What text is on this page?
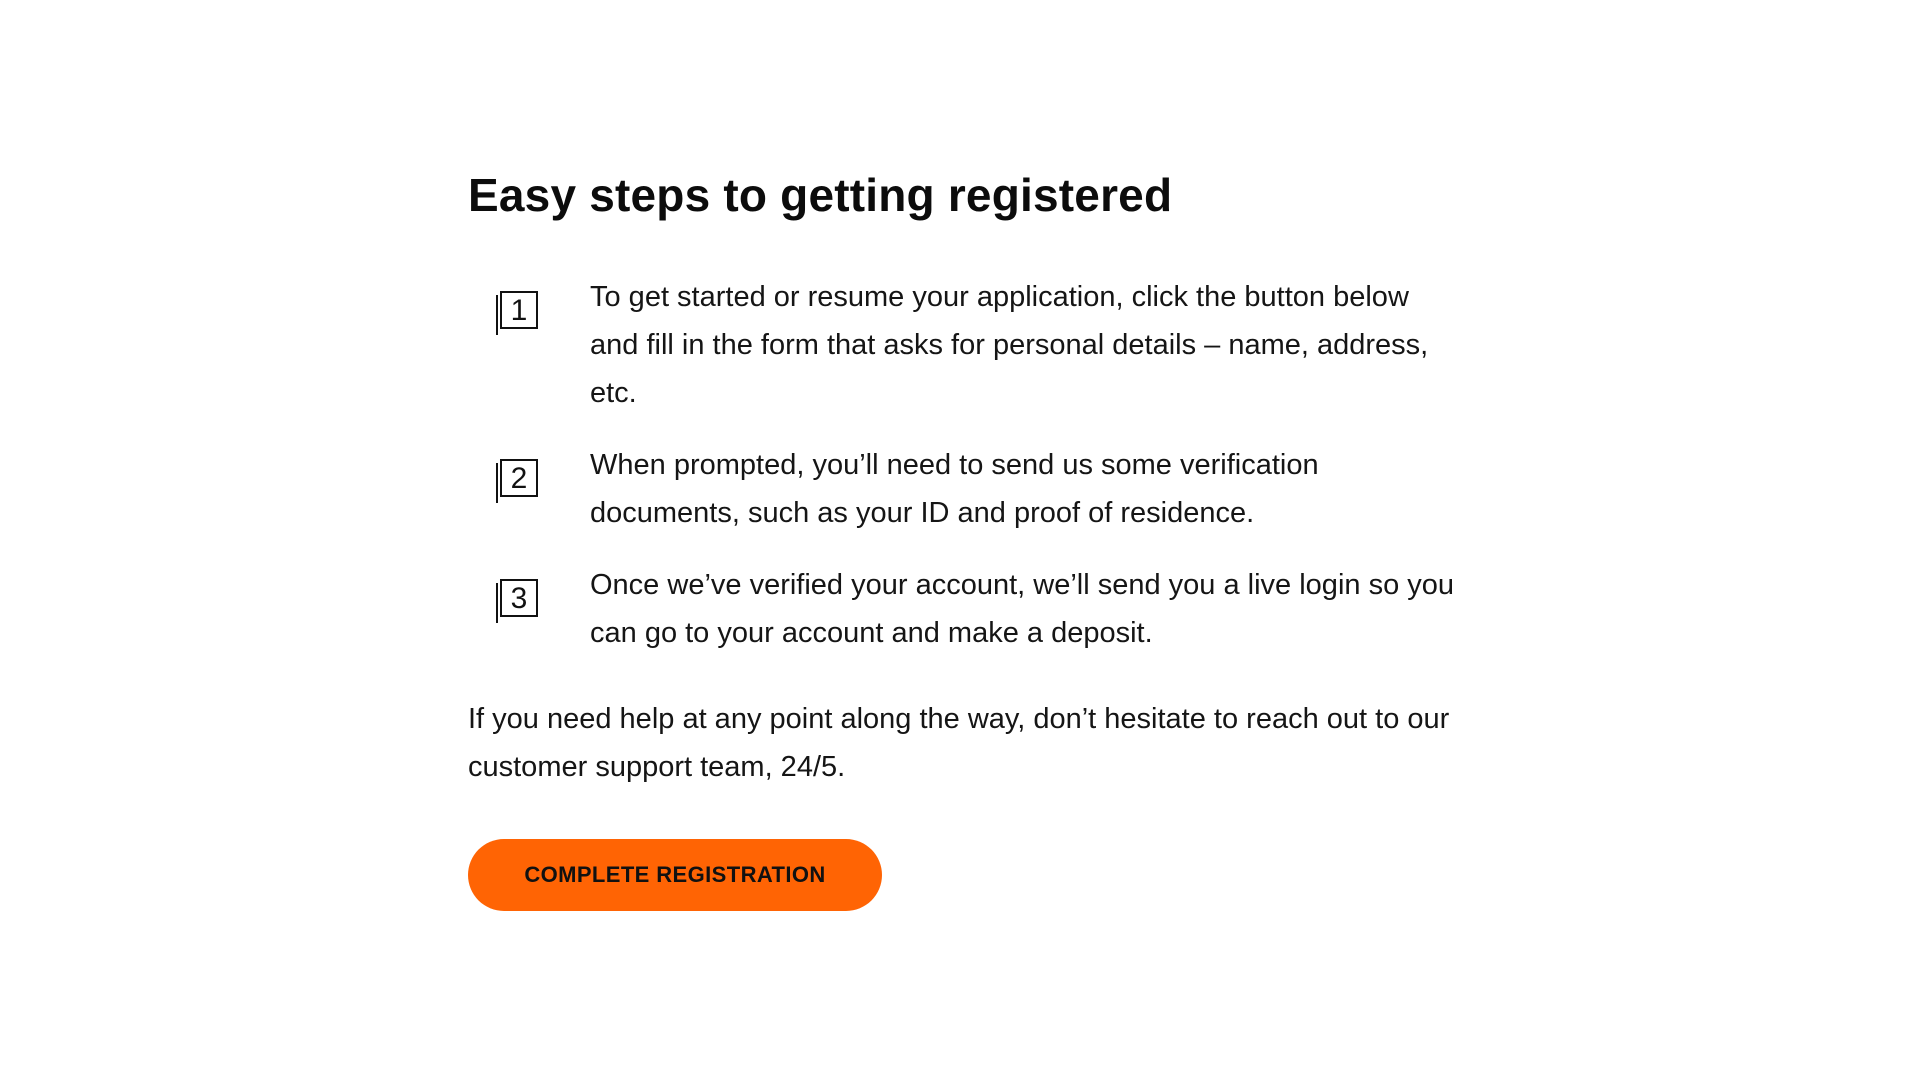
Easy steps to getting registered
1	To get started or resume your application, click the button below and fill in the form that asks for personal details – name, address, etc.
2	When prompted, you’ll need to send us some verification documents, such as your ID and proof of residence.
3	Once we’ve verified your account, we’ll send you a live login so you can go to your account and make a deposit.
If you need help at any point along the way, don’t hesitate to reach out to our customer support team, 24/5.
COMPLETE REGISTRATION
